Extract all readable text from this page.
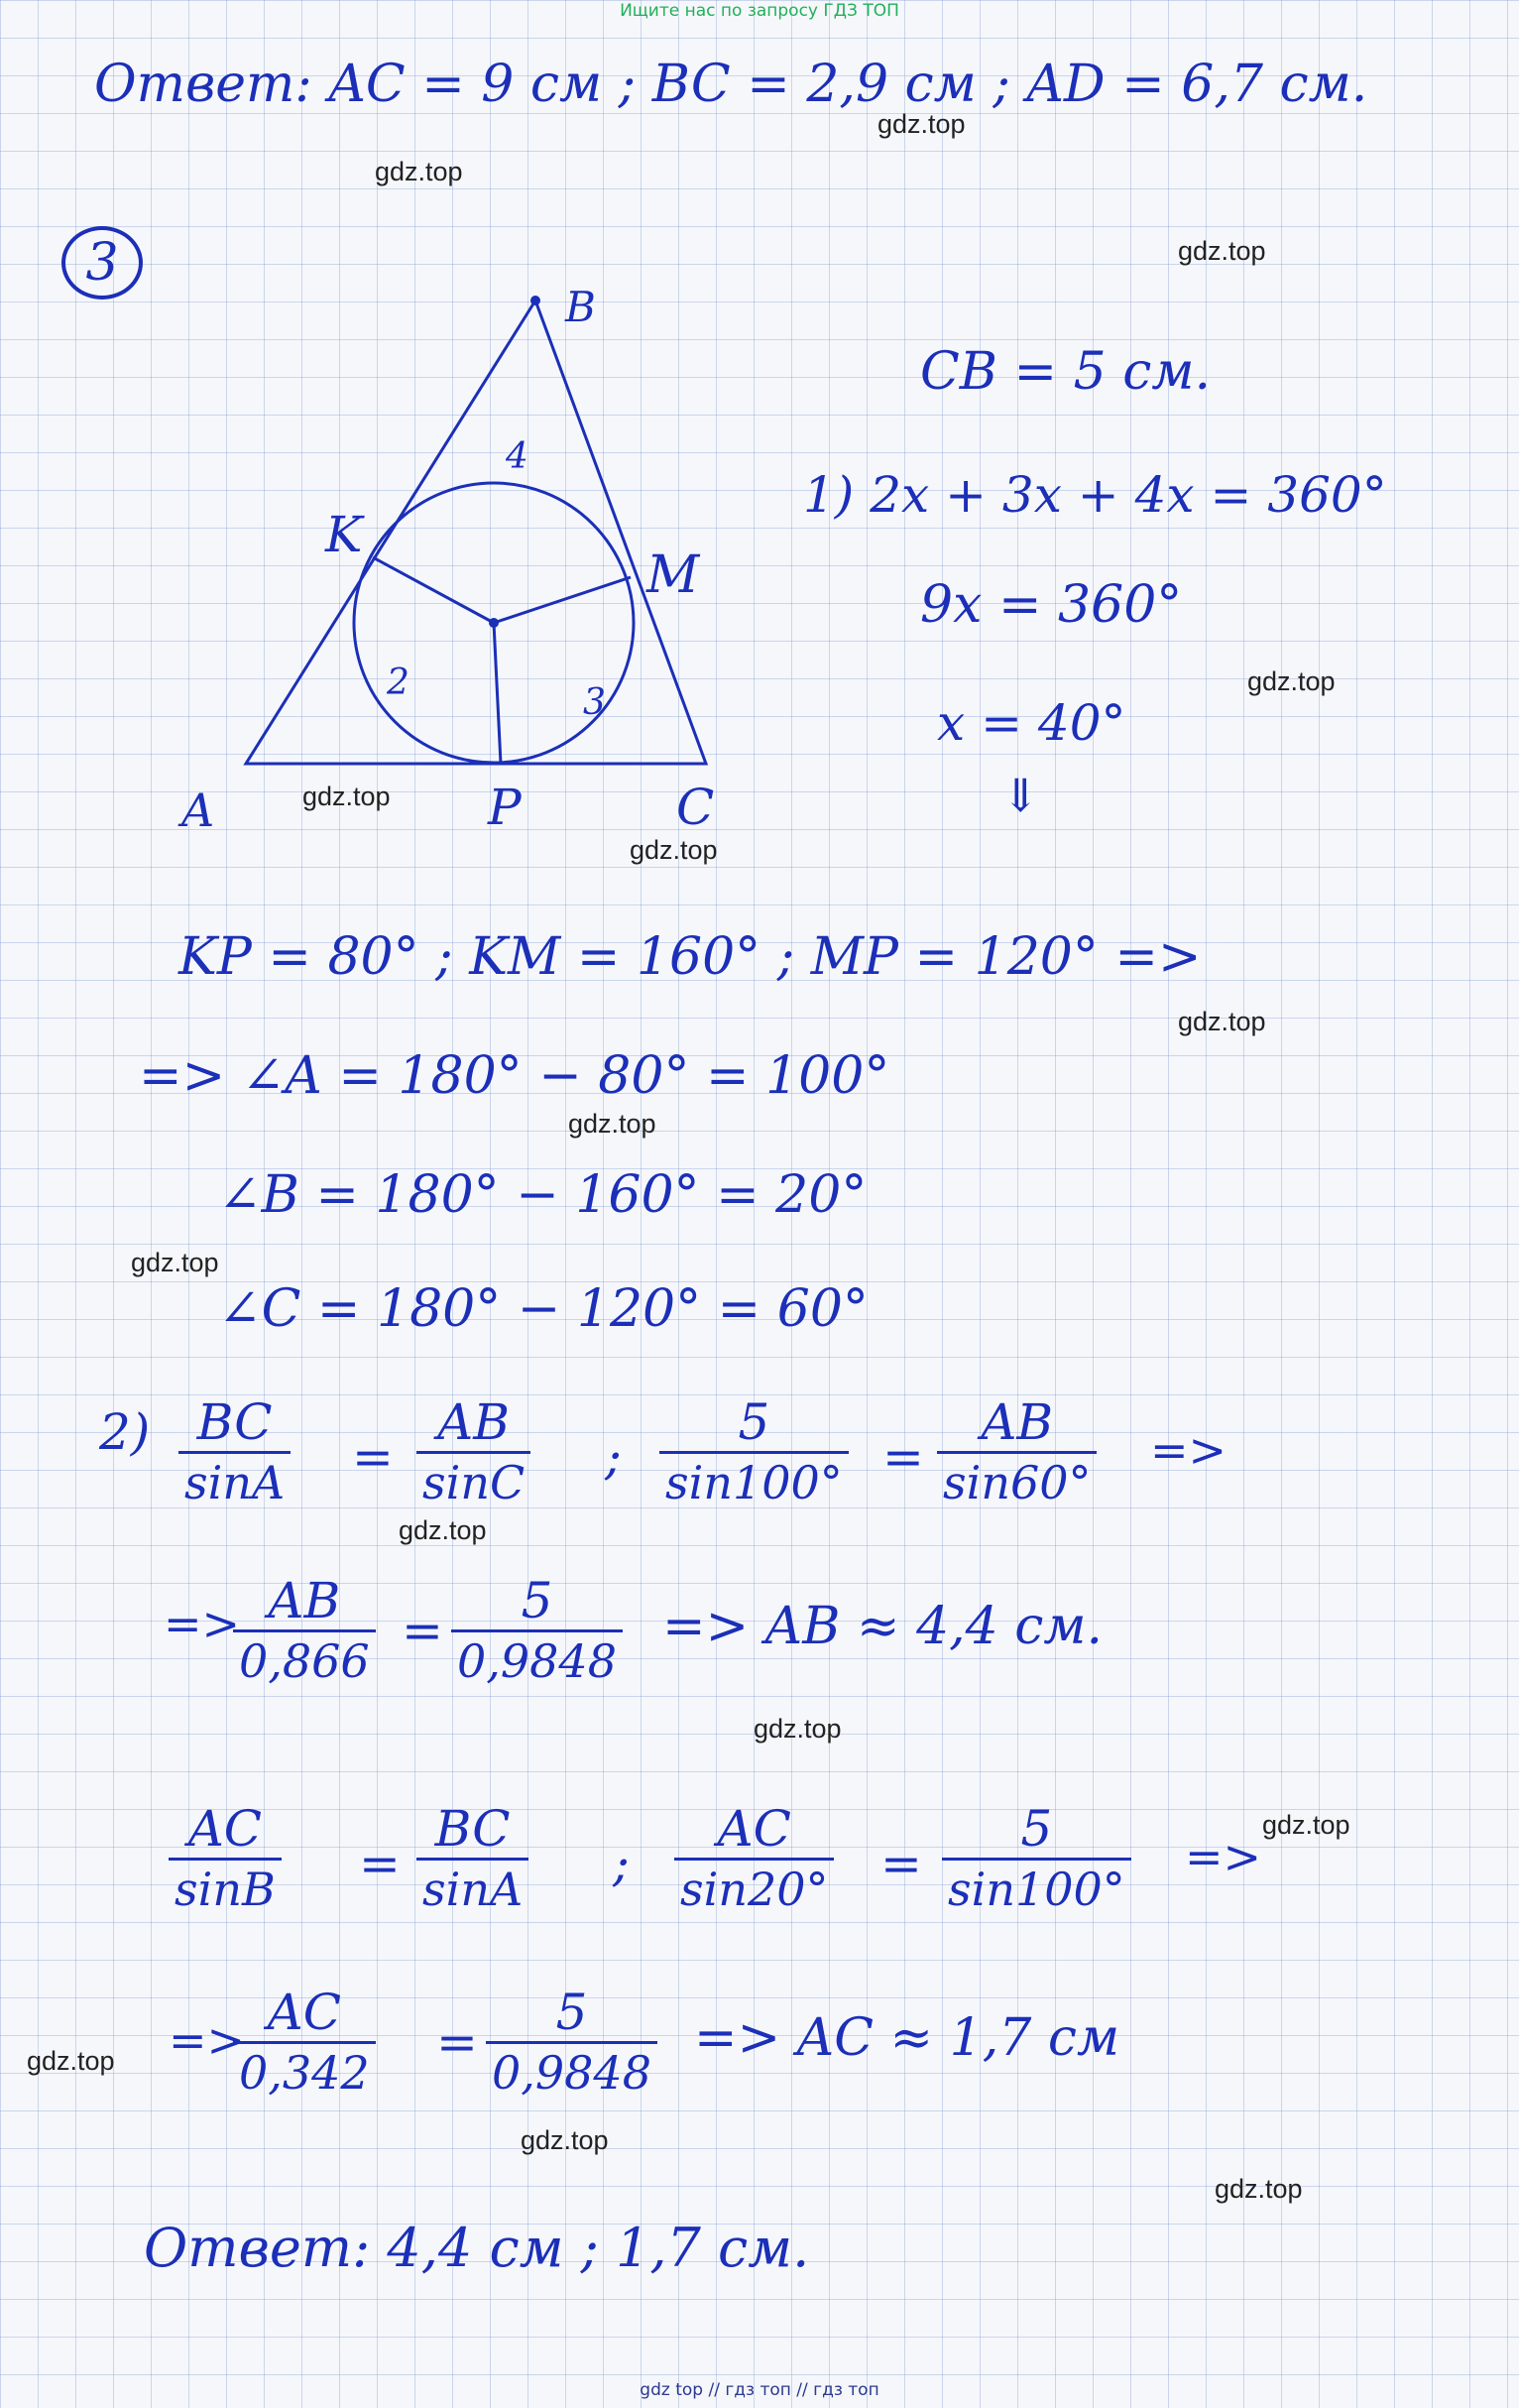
Ищите нас по запросу ГДЗ ТОП
Ответ: AC = 9 см ; BC = 2,9 см ; AD = 6,7 см.
3
B
A	C
K
M
P
4
2	3
CB = 5 см.
1) 2x + 3x + 4x = 360°
9x = 360°
x = 40°
⇓
KP = 80° ; KM = 160° ; MP = 120° =>
=> ∠A = 180° − 80° = 100°
∠B = 180° − 160° = 20°
∠C = 180° − 120° = 60°
$2) \frac{BC}{\sin A} = \frac{AB}{\sin C}$ ; $\frac{5}{\sin 100^\circ} = \frac{AB}{\sin 60^\circ}$ =>
=>
$\frac{AB}{0,866} = \frac{5}{0,9848}$ => AB ≈ 4,4 см.
$\frac{AC}{\sin B} = \frac{BC}{\sin A}$ ; $\frac{AC}{\sin 20^\circ} = \frac{5}{\sin 100^\circ}$ =>
=>
$\frac{AC}{0,342} = \frac{5}{0,9848}$ => AC ≈ 1,7 см
Ответ: 4,4 см ; 1,7 см.
gdz.top
gdz.top
gdz.top
gdz.top
gdz.top
gdz.top
gdz.top
gdz.top
gdz.top
gdz.top
gdz.top
gdz.top
gdz.top
gdz.top
gdz.top
gdz top // гдз топ // гдз топ
